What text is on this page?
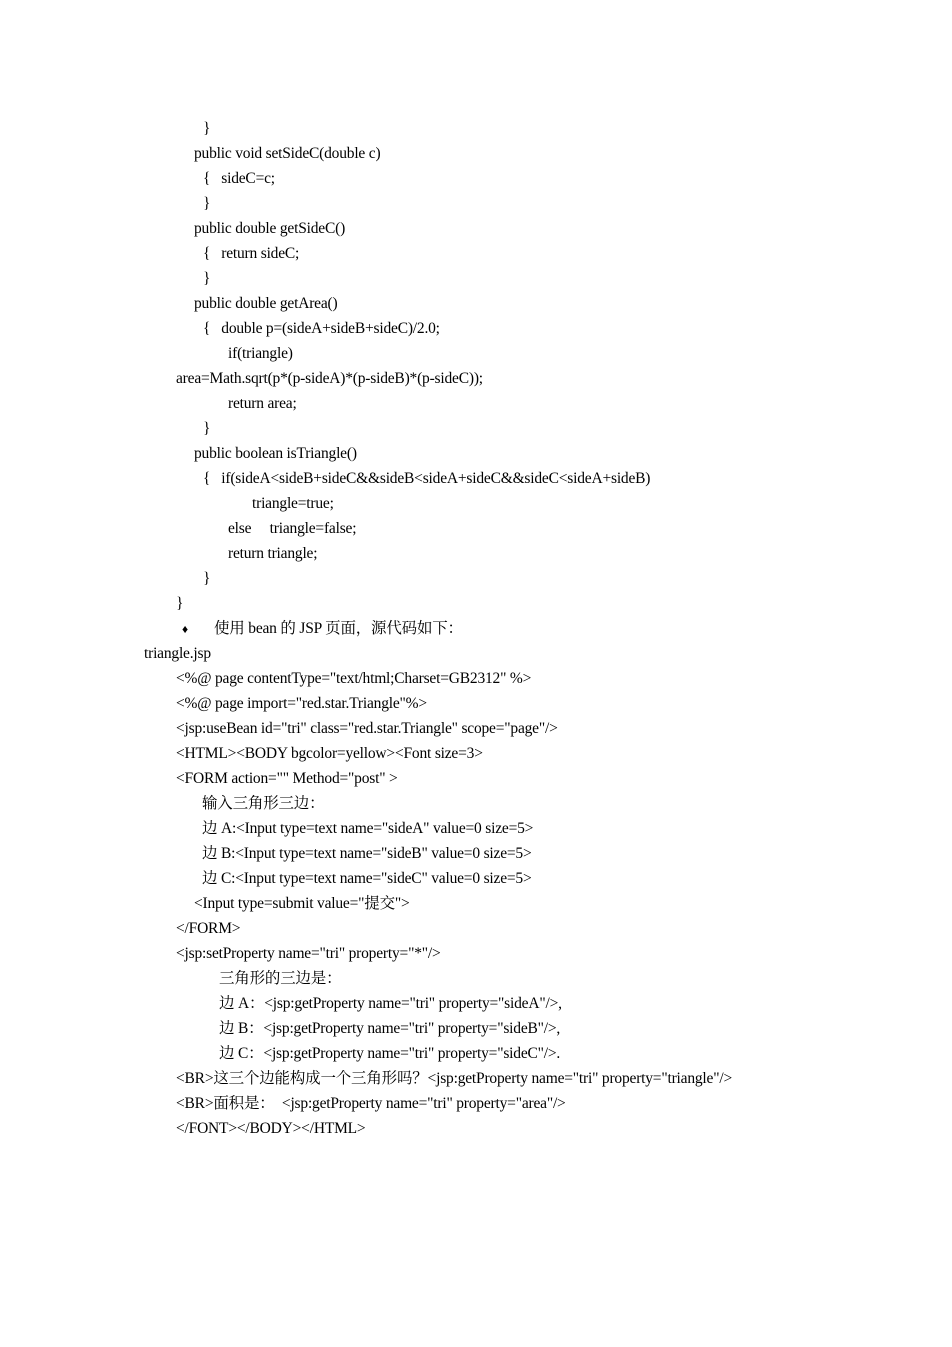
}
public void setSideC(double c)
{   sideC=c;
}
public double getSideC()
{   return sideC;
}
public double getArea()
{   double p=(sideA+sideB+sideC)/2.0;
if(triangle)
area=Math.sqrt(p*(p-sideA)*(p-sideB)*(p-sideC));
return area;
}
public boolean isTriangle()
{   if(sideA<sideB+sideC&&sideB<sideA+sideC&&sideC<sideA+sideB)
triangle=true;
else     triangle=false;
return triangle;
}
}
♦ 使用 bean 的 JSP 页面，源代码如下：
triangle.jsp
<%@ page contentType="text/html;Charset=GB2312" %>
<%@ page import="red.star.Triangle"%>
<jsp:useBean id="tri" class="red.star.Triangle" scope="page"/>
<HTML><BODY bgcolor=yellow><Font size=3>
<FORM action="" Method="post" >
输入三角形三边：
边 A:<Input type=text name="sideA" value=0 size=5>
边 B:<Input type=text name="sideB" value=0 size=5>
边 C:<Input type=text name="sideC" value=0 size=5>
<Input type=submit value="提交">
</FORM>
<jsp:setProperty name="tri" property="*"/>
三角形的三边是：
边 A：<jsp:getProperty name="tri" property="sideA"/>,
边 B：<jsp:getProperty name="tri" property="sideB"/>,
边 C：<jsp:getProperty name="tri" property="sideC"/>.
<BR>这三个边能构成一个三角形吗？<jsp:getProperty name="tri" property="triangle"/>
<BR>面积是：  <jsp:getProperty name="tri" property="area"/>
</FONT></BODY></HTML>
